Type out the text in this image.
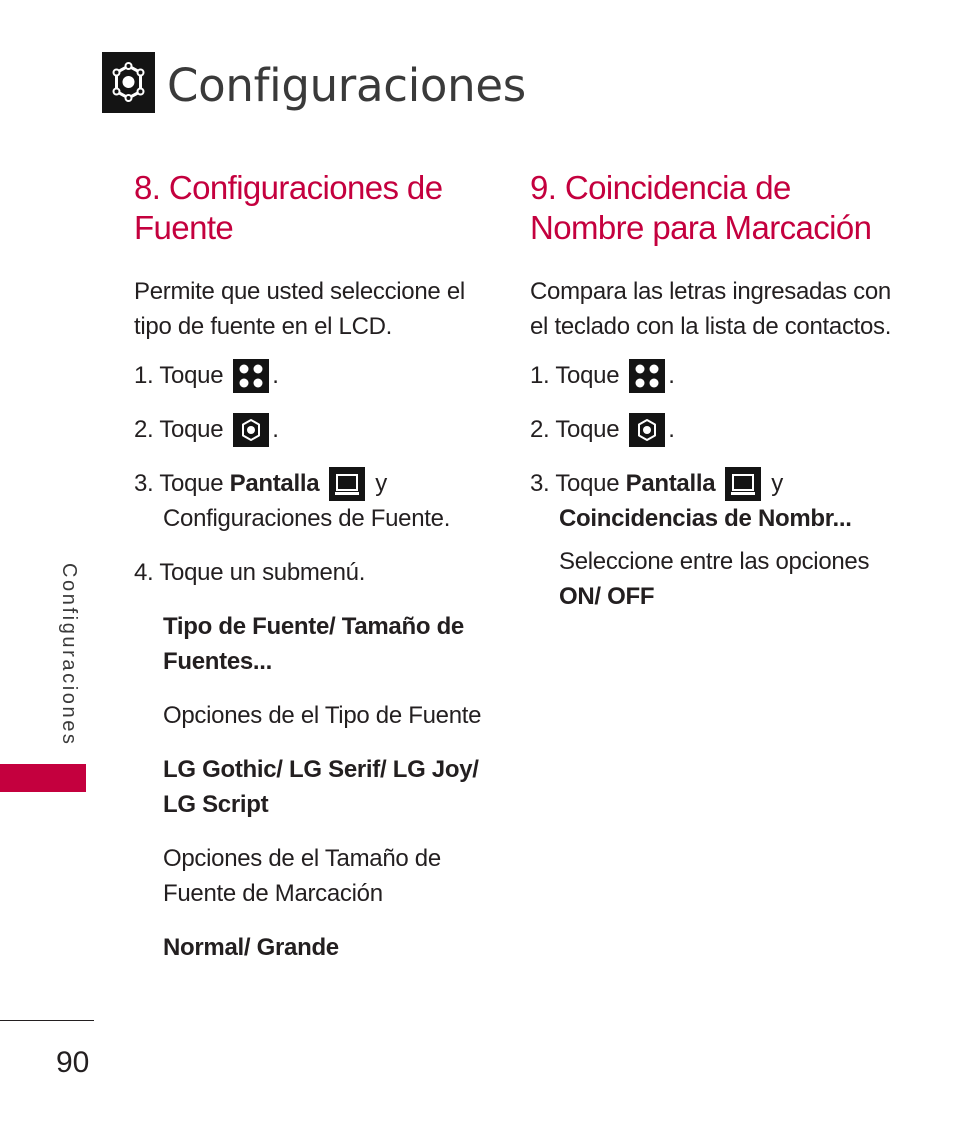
Configuraciones
8. Configuraciones de
Fuente

Permite que usted seleccione el tipo de fuente en el LCD.

1. Toque .
2. Toque .
3. Toque
Pantalla y

Configuraciones de Fuente.

4. Toque un submenú.

Tipo de Fuente/ Tamaño de Fuentes...

Opciones de el Tipo de Fuente

LG Gothic/ LG Serif/ LG Joy/ LG Script

Opciones de el Tamaño de Fuente de Marcación

Normal/ Grande

9. Coincidencia de
Nombre para Marcación

Compara las letras ingresadas con el teclado con la lista de contactos.

1. Toque .
2. Toque .
3. Toque
Pantalla y

Coincidencias de Nombr...

Seleccione entre las opciones

ON/ OFF

Configuraciones
90
